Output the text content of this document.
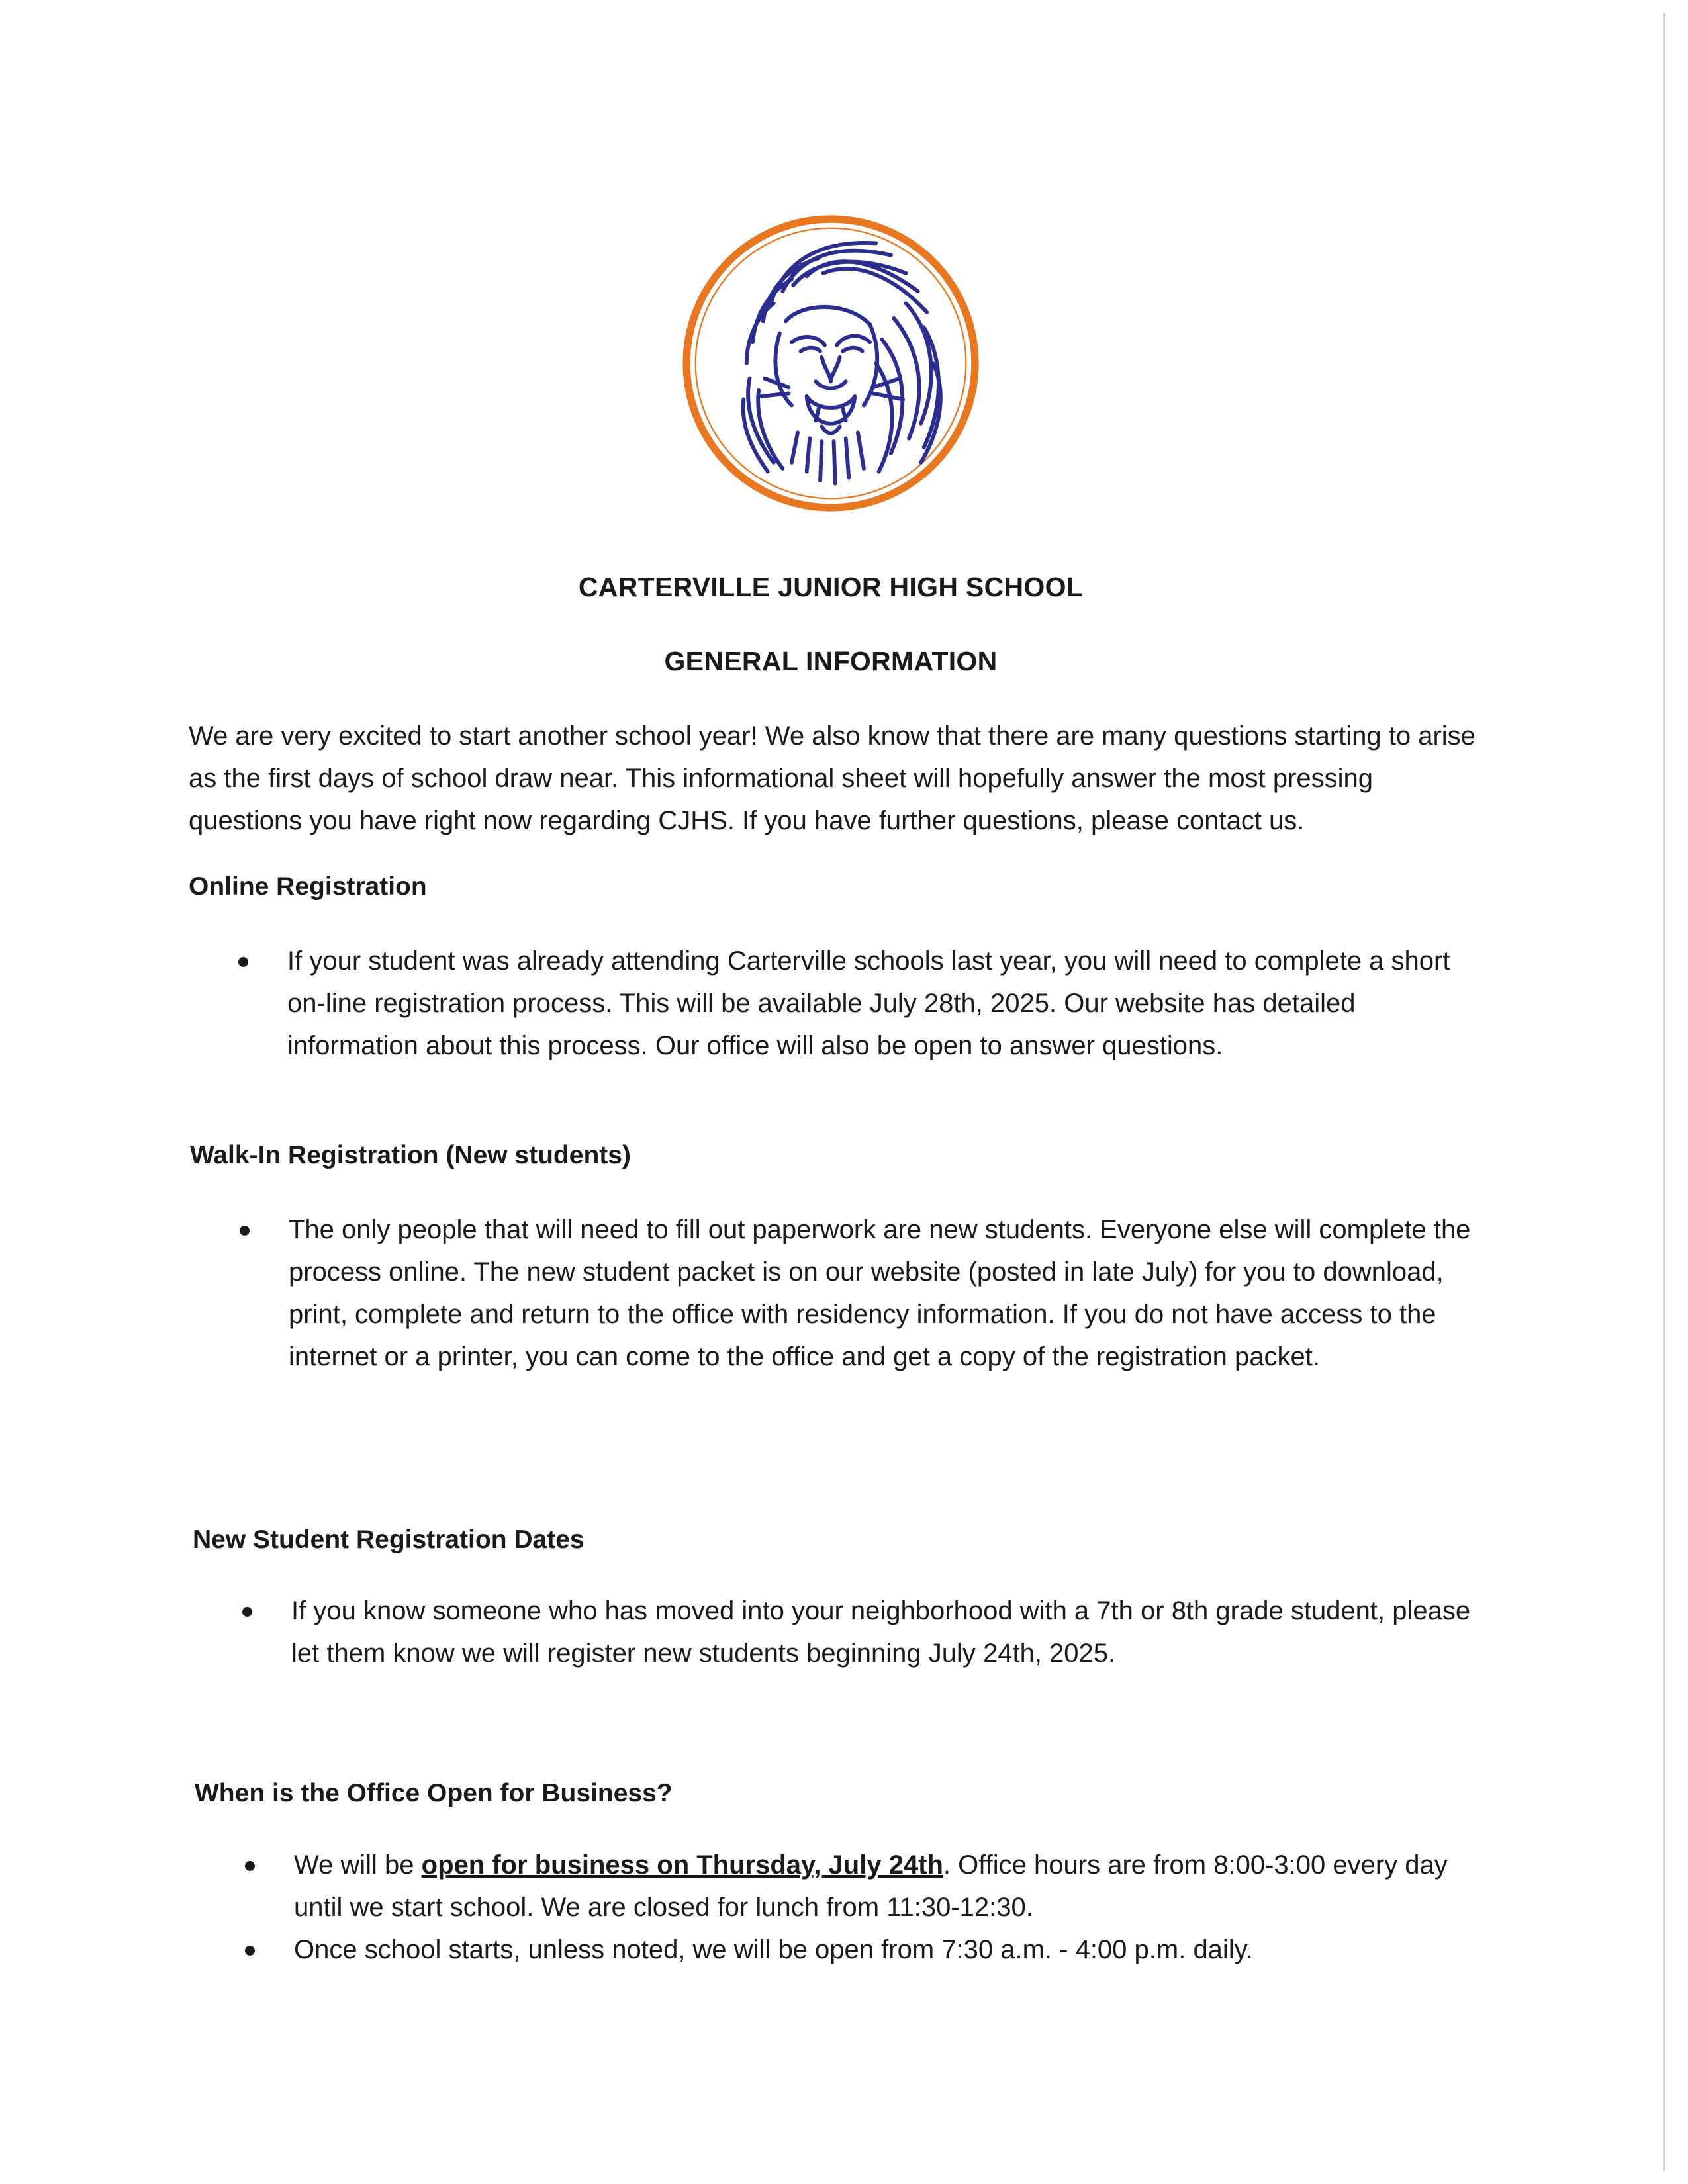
CARTERVILLE JUNIOR HIGH SCHOOL
GENERAL INFORMATION

We are very excited to start another school year! We also know that there are many questions starting to arise as the first days of school draw near. This informational sheet will hopefully answer the most pressing questions you have right now regarding CJHS. If you have further questions, please contact us.

Online Registration
If your student was already attending Carterville schools last year, you will need to complete a short on-line registration process. This will be available July 28th, 2025. Our website has detailed information about this process. Our office will also be open to answer questions.
Walk-In Registration (New students)
The only people that will need to fill out paperwork are new students. Everyone else will complete the process online. The new student packet is on our website (posted in late July) for you to download, print, complete and return to the office with residency information. If you do not have access to the internet or a printer, you can come to the office and get a copy of the registration packet.
New Student Registration Dates
If you know someone who has moved into your neighborhood with a 7th or 8th grade student, please let them know we will register new students beginning July 24th, 2025.
When is the Office Open for Business?
We will be open for business on Thursday, July 24th. Office hours are from 8:00-3:00 every day until we start school. We are closed for lunch from 11:30-12:30.
Once school starts, unless noted, we will be open from 7:30 a.m. - 4:00 p.m. daily.
